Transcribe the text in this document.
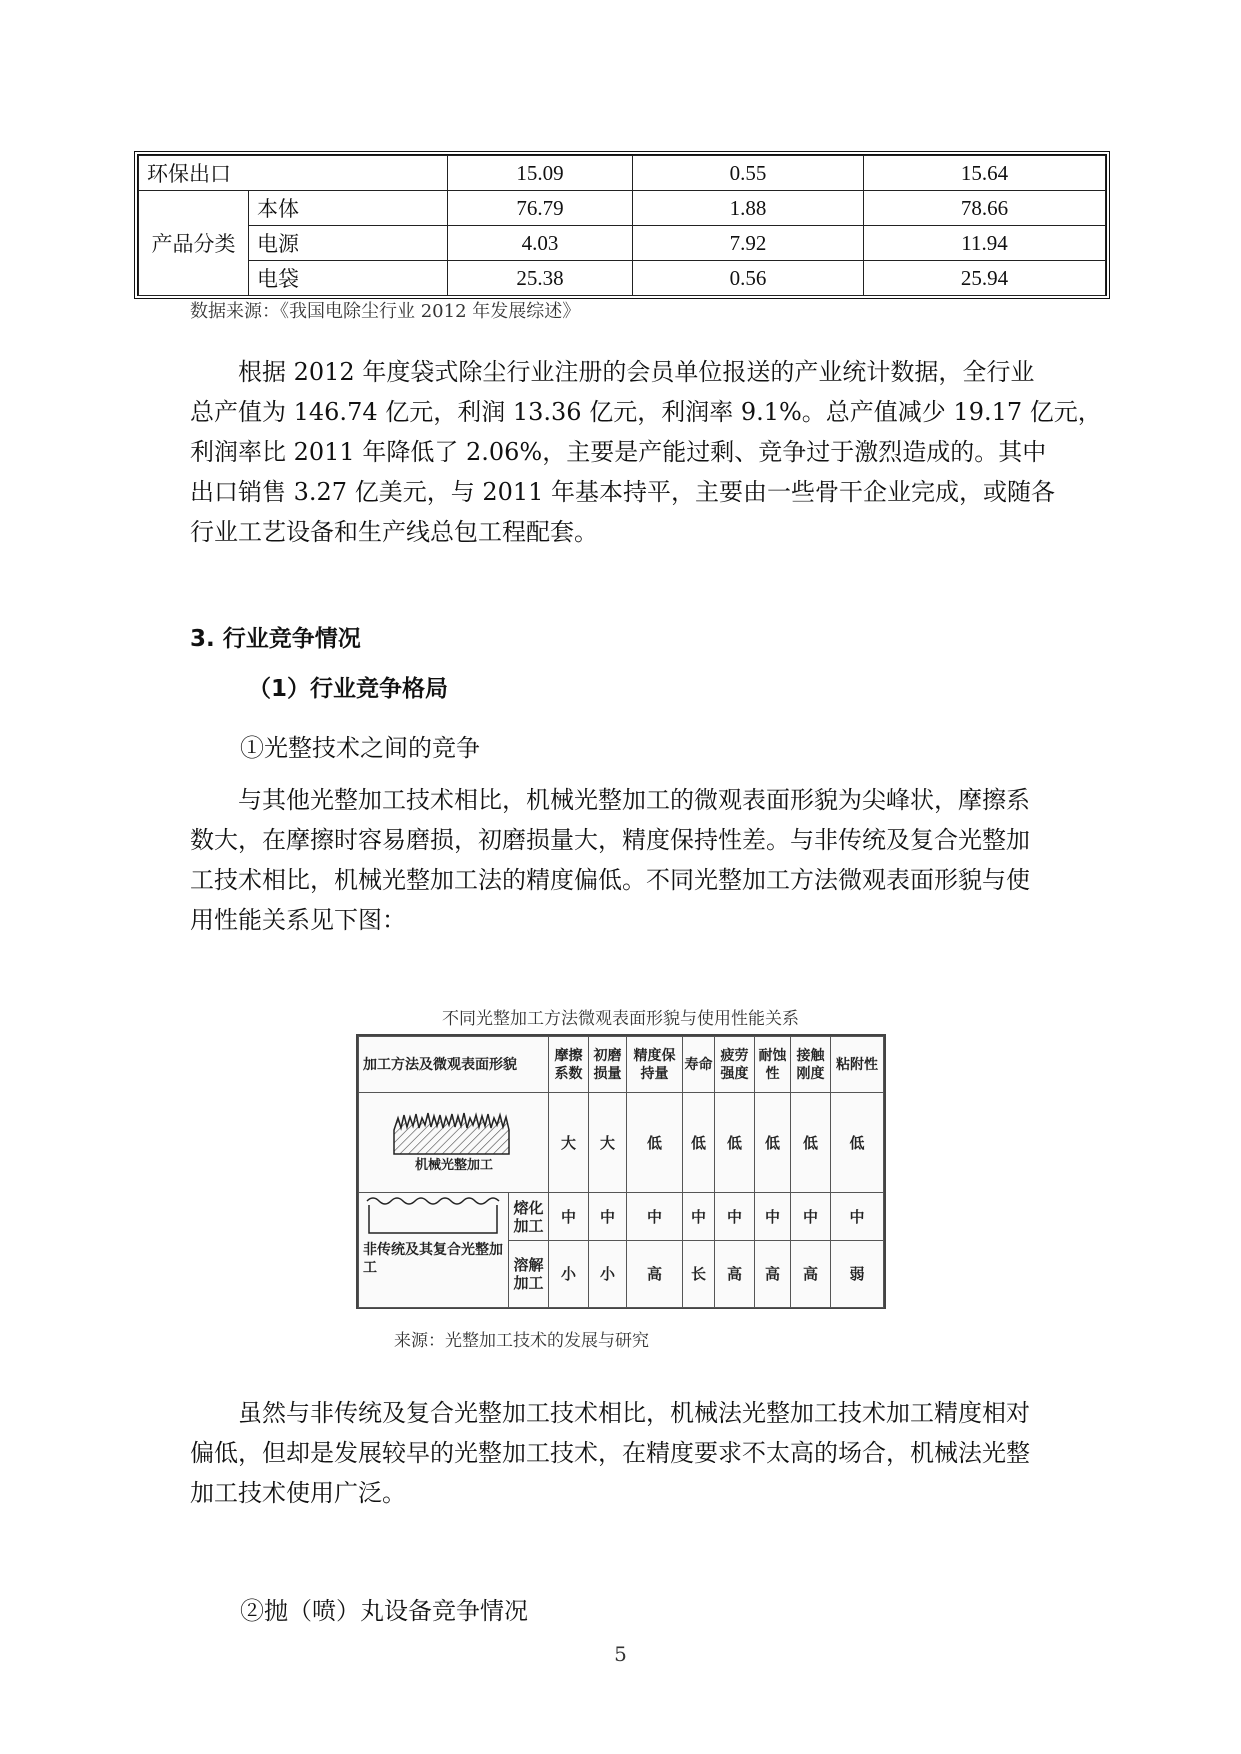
环保出口		15.09	0.55	15.64
产品分类	本体	76.79	1.88	78.66
	电源	4.03	7.92	11.94
	电袋	25.38	0.56	25.94
数据来源：《我国电除尘行业 2012 年发展综述》
根据 2012 年度袋式除尘行业注册的会员单位报送的产业统计数据，全行业
总产值为 146.74 亿元，利润 13.36 亿元，利润率 9.1%。总产值减少 19.17 亿元，
利润率比 2011 年降低了 2.06%，主要是产能过剩、竞争过于激烈造成的。其中
出口销售 3.27 亿美元，与 2011 年基本持平，主要由一些骨干企业完成，或随各
行业工艺设备和生产线总包工程配套。
3. 行业竞争情况
（1）行业竞争格局
①光整技术之间的竞争
与其他光整加工技术相比，机械光整加工的微观表面形貌为尖峰状，摩擦系
数大，在摩擦时容易磨损，初磨损量大，精度保持性差。与非传统及复合光整加
工技术相比，机械光整加工法的精度偏低。不同光整加工方法微观表面形貌与使
用性能关系见下图：
不同光整加工方法微观表面形貌与使用性能关系
加工方法及微观表面形貌		摩擦系数	初磨损量	精度保持量	寿命	疲劳强度	耐蚀性	接触刚度	粘附性

机械光整加工		大	大	低	低	低	低	低	低

非传统及其复合光整加工	熔化加工	中	中	中	中	中	中	中	中
	溶解加工	小	小	高	长	高	高	高	弱
来源：光整加工技术的发展与研究
虽然与非传统及复合光整加工技术相比，机械法光整加工技术加工精度相对
偏低，但却是发展较早的光整加工技术，在精度要求不太高的场合，机械法光整
加工技术使用广泛。
②抛（喷）丸设备竞争情况
5
